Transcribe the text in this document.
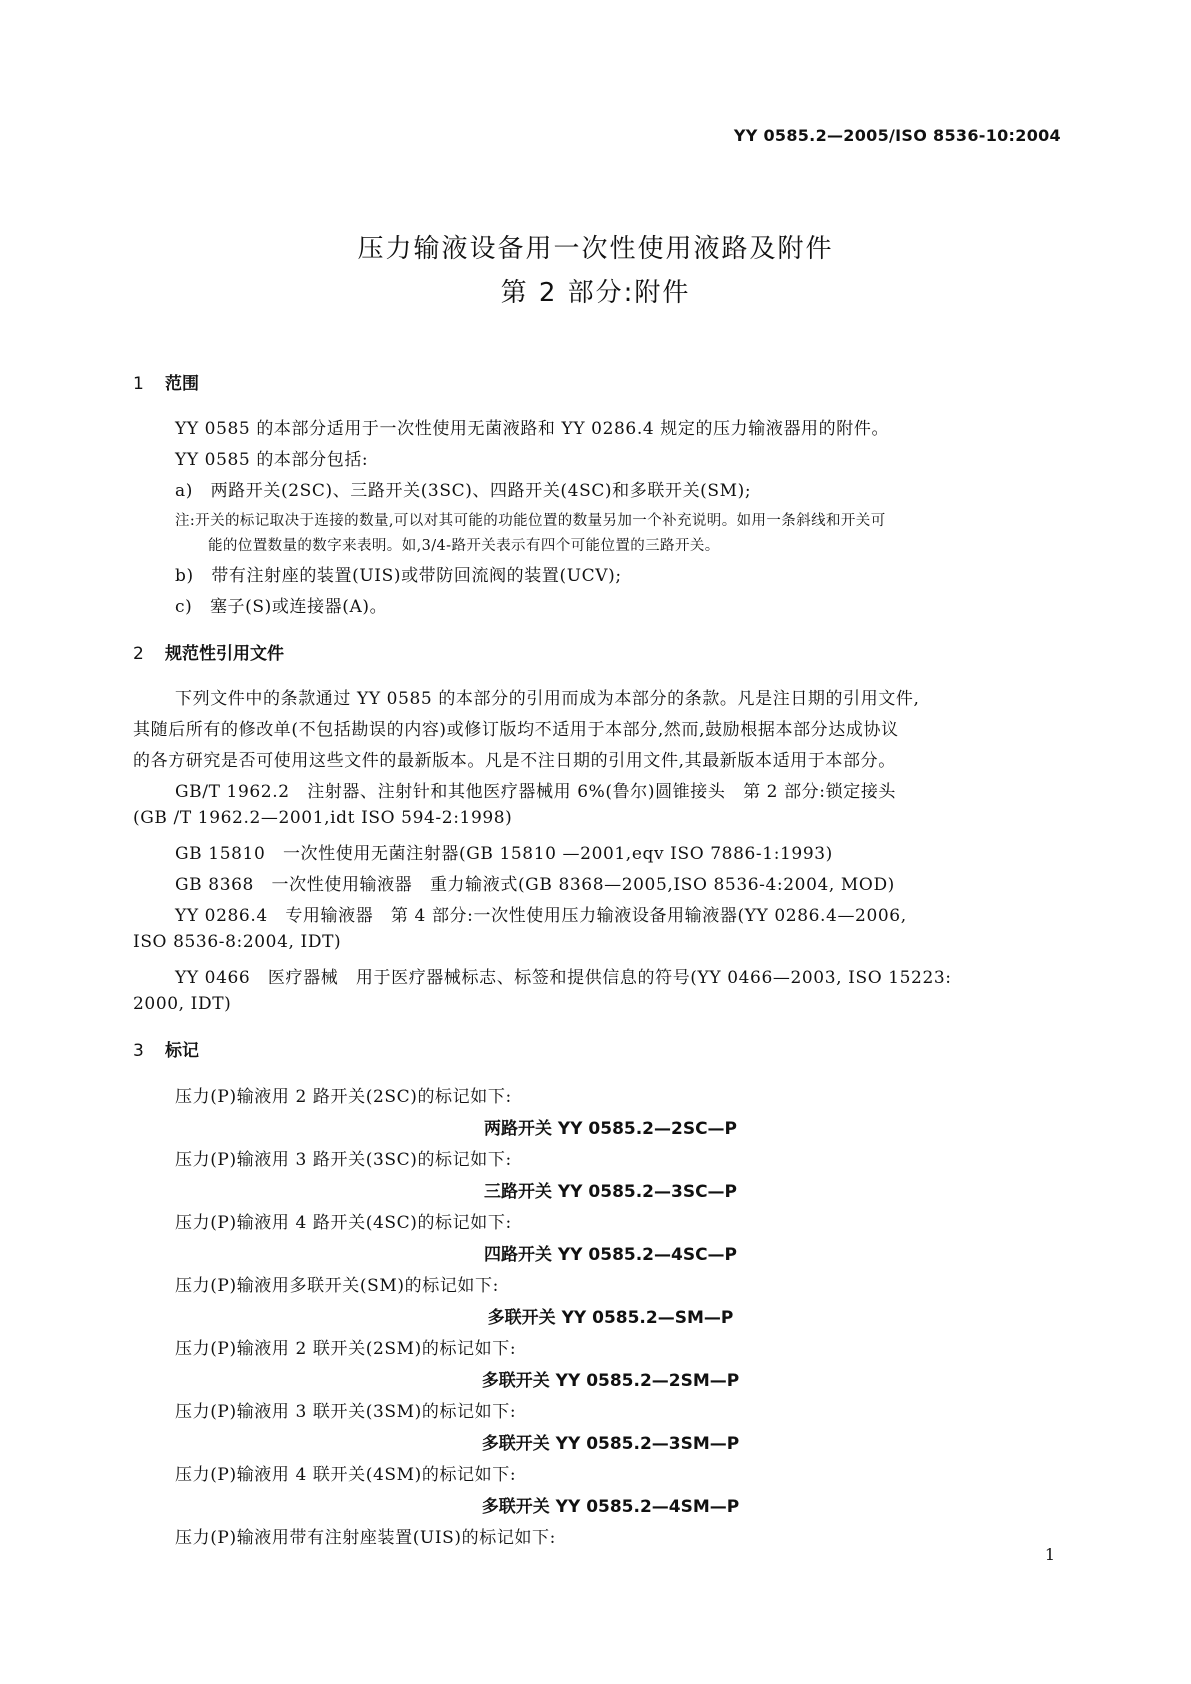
YY 0585.2—2005/ISO 8536-10:2004
压力输液设备用一次性使用液路及附件
第 2 部分:附件
1 范围
YY 0585 的本部分适用于一次性使用无菌液路和 YY 0286.4 规定的压力输液器用的附件。
YY 0585 的本部分包括:
a)　两路开关(2SC)、三路开关(3SC)、四路开关(4SC)和多联开关(SM);
注:开关的标记取决于连接的数量,可以对其可能的功能位置的数量另加一个补充说明。如用一条斜线和开关可
能的位置数量的数字来表明。如,3/4-路开关表示有四个可能位置的三路开关。
b)　带有注射座的装置(UIS)或带防回流阀的装置(UCV);
c)　塞子(S)或连接器(A)。
2 规范性引用文件
下列文件中的条款通过 YY 0585 的本部分的引用而成为本部分的条款。凡是注日期的引用文件,
其随后所有的修改单(不包括勘误的内容)或修订版均不适用于本部分,然而,鼓励根据本部分达成协议
的各方研究是否可使用这些文件的最新版本。凡是不注日期的引用文件,其最新版本适用于本部分。
GB/T 1962.2　注射器、注射针和其他医疗器械用 6%(鲁尔)圆锥接头　第 2 部分:锁定接头
(GB /T 1962.2—2001,idt ISO 594-2:1998)
GB 15810　一次性使用无菌注射器(GB 15810 —2001,eqv ISO 7886-1:1993)
GB 8368　一次性使用输液器　重力输液式(GB 8368—2005,ISO 8536-4:2004, MOD)
YY 0286.4　专用输液器　第 4 部分:一次性使用压力输液设备用输液器(YY 0286.4—2006,
ISO 8536-8:2004, IDT)
YY 0466　医疗器械　用于医疗器械标志、标签和提供信息的符号(YY 0466—2003, ISO 15223:
2000, IDT)
3 标记
压力(P)输液用 2 路开关(2SC)的标记如下:
两路开关 YY 0585.2—2SC—P
压力(P)输液用 3 路开关(3SC)的标记如下:
三路开关 YY 0585.2—3SC—P
压力(P)输液用 4 路开关(4SC)的标记如下:
四路开关 YY 0585.2—4SC—P
压力(P)输液用多联开关(SM)的标记如下:
多联开关 YY 0585.2—SM—P
压力(P)输液用 2 联开关(2SM)的标记如下:
多联开关 YY 0585.2—2SM—P
压力(P)输液用 3 联开关(3SM)的标记如下:
多联开关 YY 0585.2—3SM—P
压力(P)输液用 4 联开关(4SM)的标记如下:
多联开关 YY 0585.2—4SM—P
压力(P)输液用带有注射座装置(UIS)的标记如下:
1
